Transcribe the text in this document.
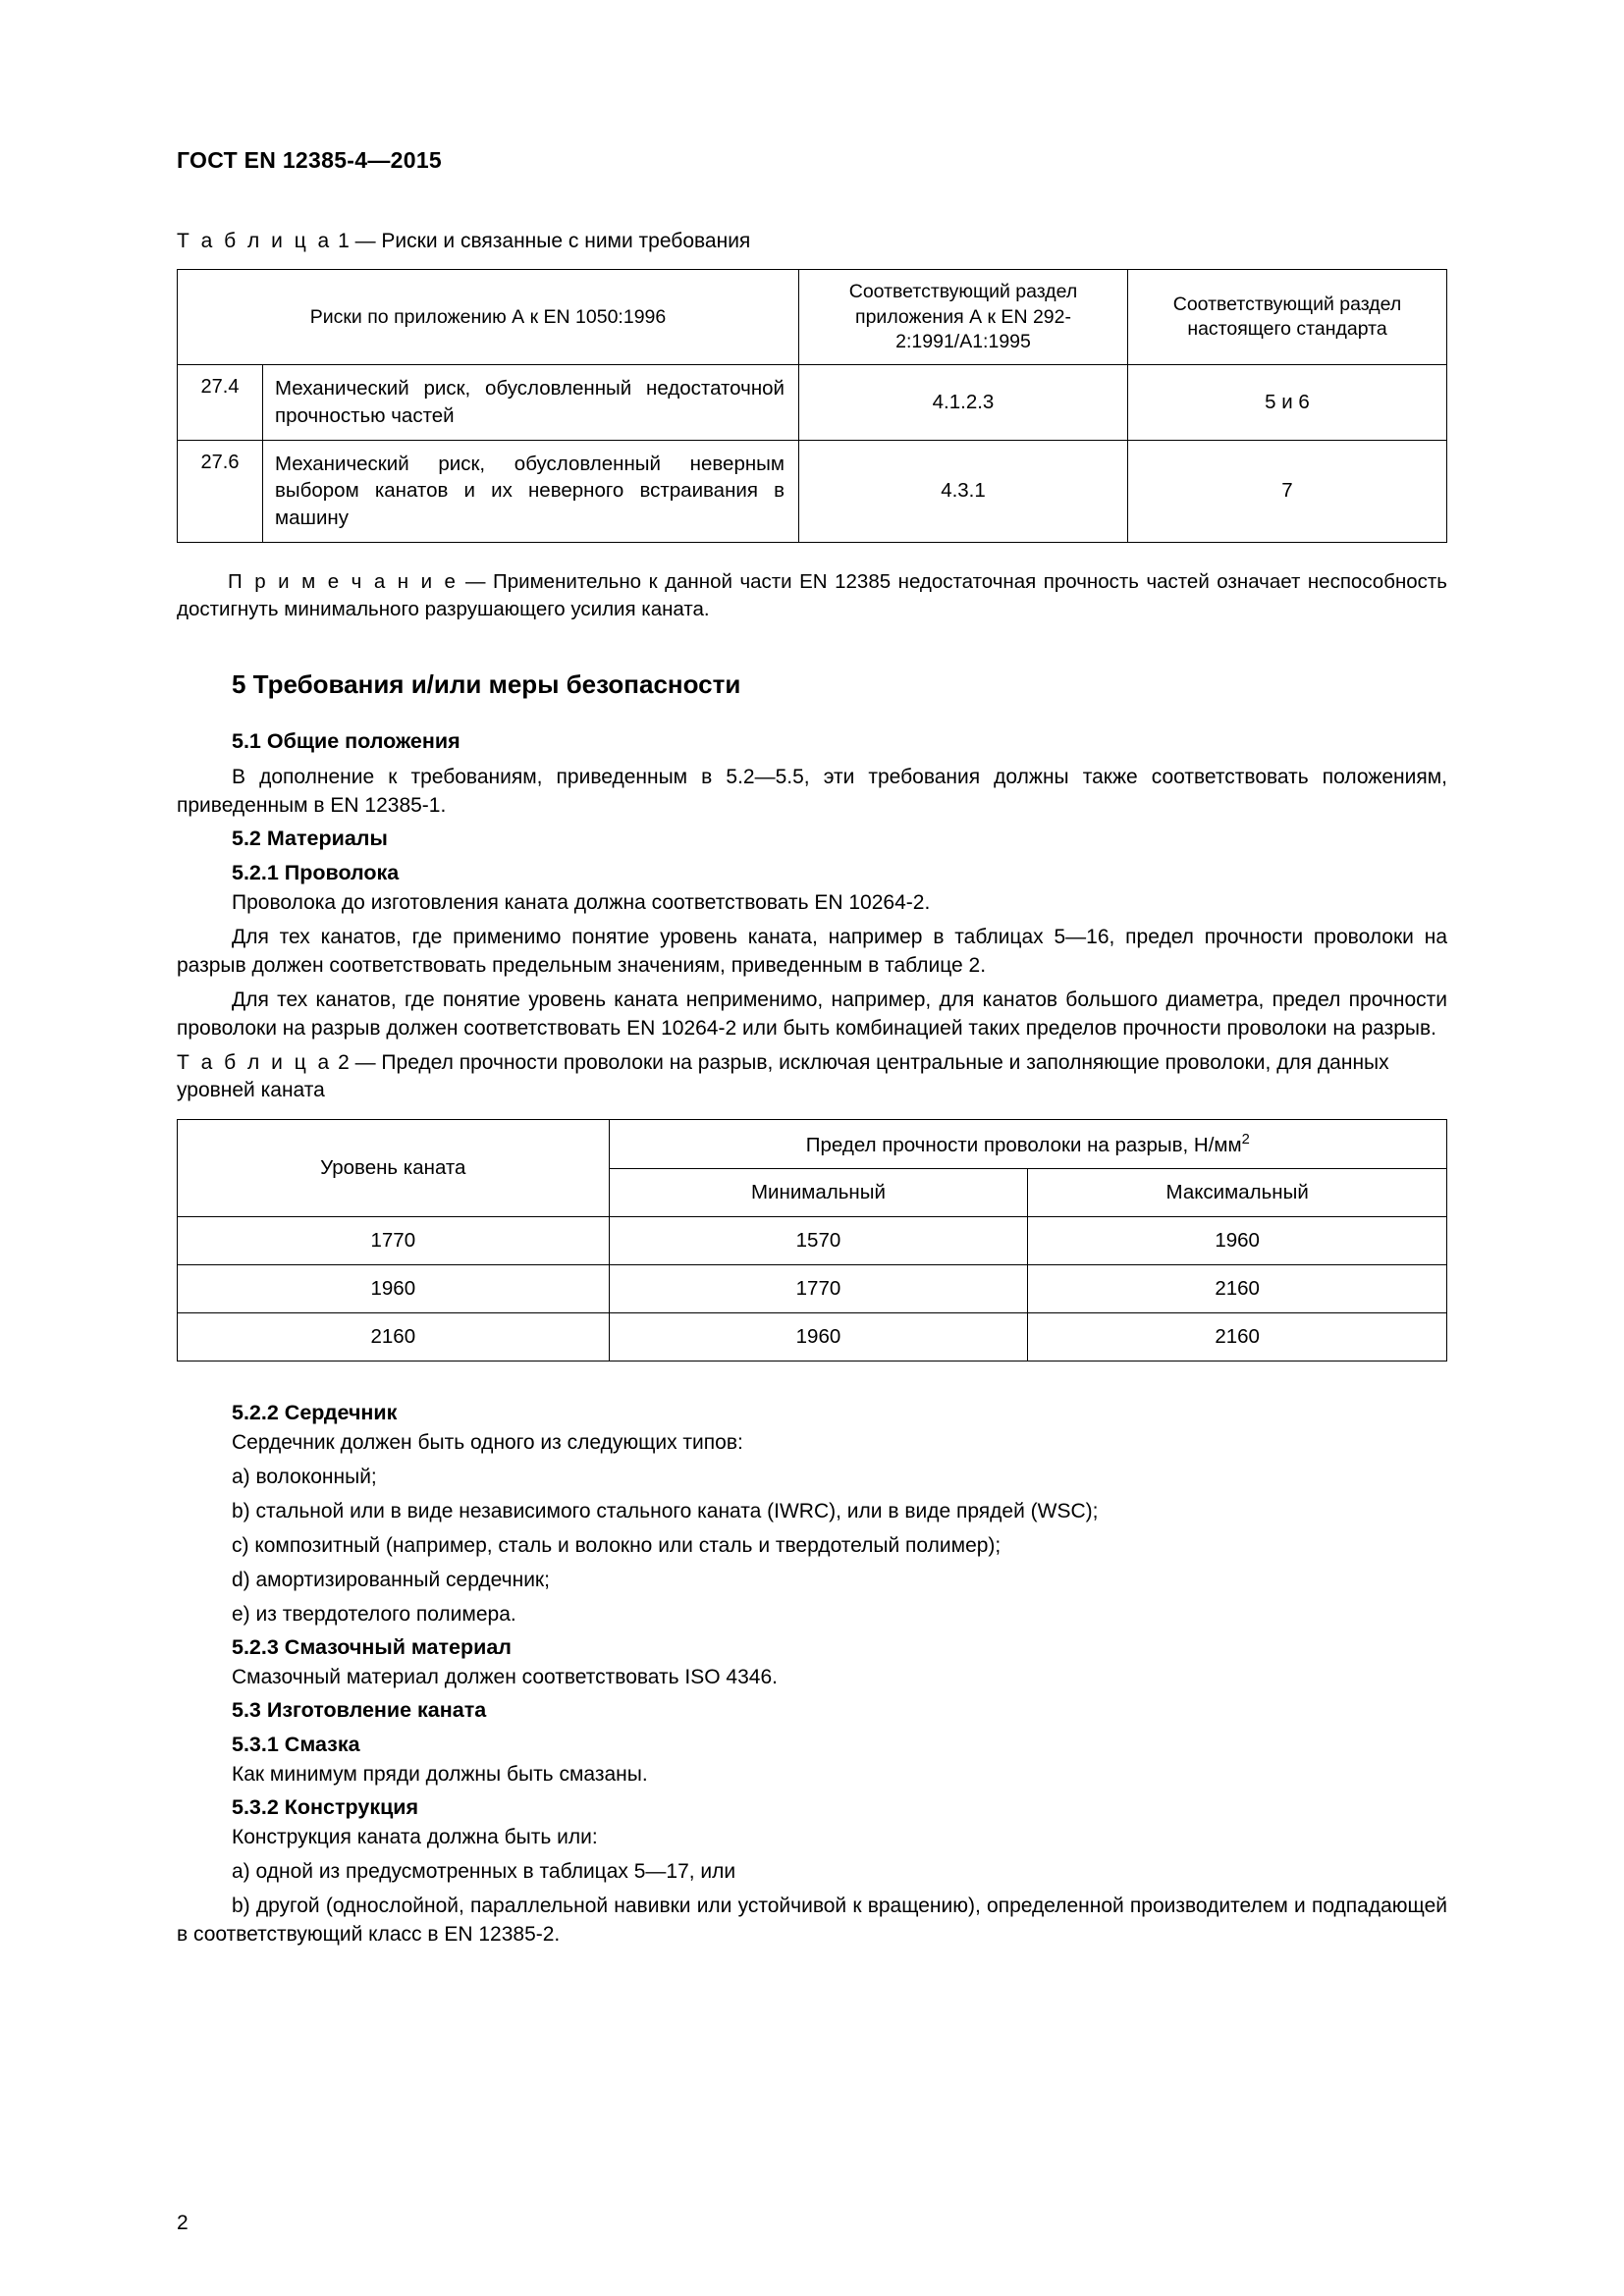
ГОСТ EN 12385-4—2015
Т а б л и ц а 1 — Риски и связанные с ними требования
Риски по приложению А к EN 1050:1996		Соответствующий раздел приложения А к EN 292-2:1991/A1:1995	Соответствующий раздел настоящего стандарта
27.4	Механический риск, обусловленный недостаточной прочностью частей	4.1.2.3	5 и 6
27.6	Механический риск, обусловленный неверным выбором канатов и их неверного встраивания в машину	4.3.1	7

П р и м е ч а н и е — Применительно к данной части EN 12385 недостаточная прочность частей означает неспособность достигнуть минимального разрушающего усилия каната.

5 Требования и/или меры безопасности
5.1 Общие положения

В дополнение к требованиям, приведенным в 5.2—5.5, эти требования должны также соответствовать положениям, приведенным в EN 12385-1.

5.2 Материалы
5.2.1 Проволока

Проволока до изготовления каната должна соответствовать EN 10264-2.

Для тех канатов, где применимо понятие уровень каната, например в таблицах 5—16, предел прочности проволоки на разрыв должен соответствовать предельным значениям, приведенным в таблице 2.

Для тех канатов, где понятие уровень каната неприменимо, например, для канатов большого диаметра, предел прочности проволоки на разрыв должен соответствовать EN 10264-2 или быть комбинацией таких пределов прочности проволоки на разрыв.

Т а б л и ц а 2 — Предел прочности проволоки на разрыв, исключая центральные и заполняющие проволоки, для данных уровней каната
Уровень каната	Предел прочности проволоки на разрыв, $Н/мм^2$
	Минимальный	Максимальный
1770	1570	1960
1960	1770	2160
2160	1960	2160
5.2.2 Сердечник

Сердечник должен быть одного из следующих типов:

a) волоконный;

b) стальной или в виде независимого стального каната (IWRC), или в виде прядей (WSC);

c) композитный (например, сталь и волокно или сталь и твердотелый полимер);

d) амортизированный сердечник;

e) из твердотелого полимера.

5.2.3 Смазочный материал

Смазочный материал должен соответствовать ISO 4346.

5.3 Изготовление каната
5.3.1 Смазка

Как минимум пряди должны быть смазаны.

5.3.2 Конструкция

Конструкция каната должна быть или:

a) одной из предусмотренных в таблицах 5—17, или

b) другой (однослойной, параллельной навивки или устойчивой к вращению), определенной производителем и подпадающей в соответствующий класс в EN 12385-2.

2
